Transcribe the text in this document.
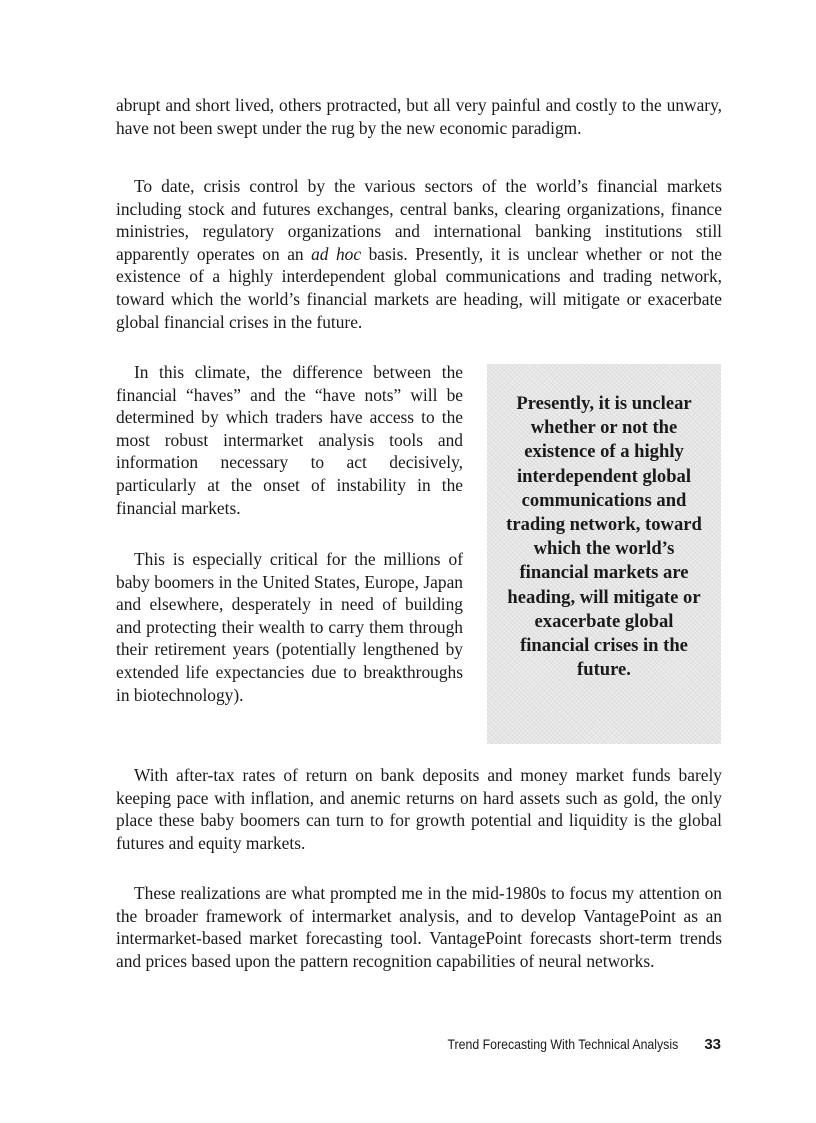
abrupt and short lived, others protracted, but all very painful and costly to the unwary, have not been swept under the rug by the new economic paradigm.

To date, crisis control by the various sectors of the world’s financial markets including stock and futures exchanges, central banks, clearing organizations, finance ministries, regulatory organizations and international banking institutions still apparently operates on an ad hoc basis. Presently, it is unclear whether or not the existence of a highly interdependent global communications and trading network, toward which the world’s financial markets are heading, will mitigate or exacerbate global financial crises in the future.

In this climate, the difference between the financial “haves” and the “have nots” will be determined by which traders have access to the most robust intermarket analysis tools and information necessary to act decisively, particularly at the onset of instability in the financial markets.

This is especially critical for the millions of baby boomers in the United States, Europe, Japan and elsewhere, desperately in need of building and protecting their wealth to carry them through their retirement years (potentially lengthened by extended life expectancies due to breakthroughs in biotechnology).

Presently, it is unclear whether or not the existence of a highly interdependent global communications and trading network, toward which the world’s financial markets are heading, will mitigate or exacerbate global financial crises in the future.

With after-tax rates of return on bank deposits and money market funds barely keeping pace with inflation, and anemic returns on hard assets such as gold, the only place these baby boomers can turn to for growth potential and liquidity is the global futures and equity markets.

These realizations are what prompted me in the mid-1980s to focus my attention on the broader framework of intermarket analysis, and to develop VantagePoint as an intermarket-based market forecasting tool. VantagePoint forecasts short-term trends and prices based upon the pattern recognition capabilities of neural networks.

Trend Forecasting With Technical Analysis 33
